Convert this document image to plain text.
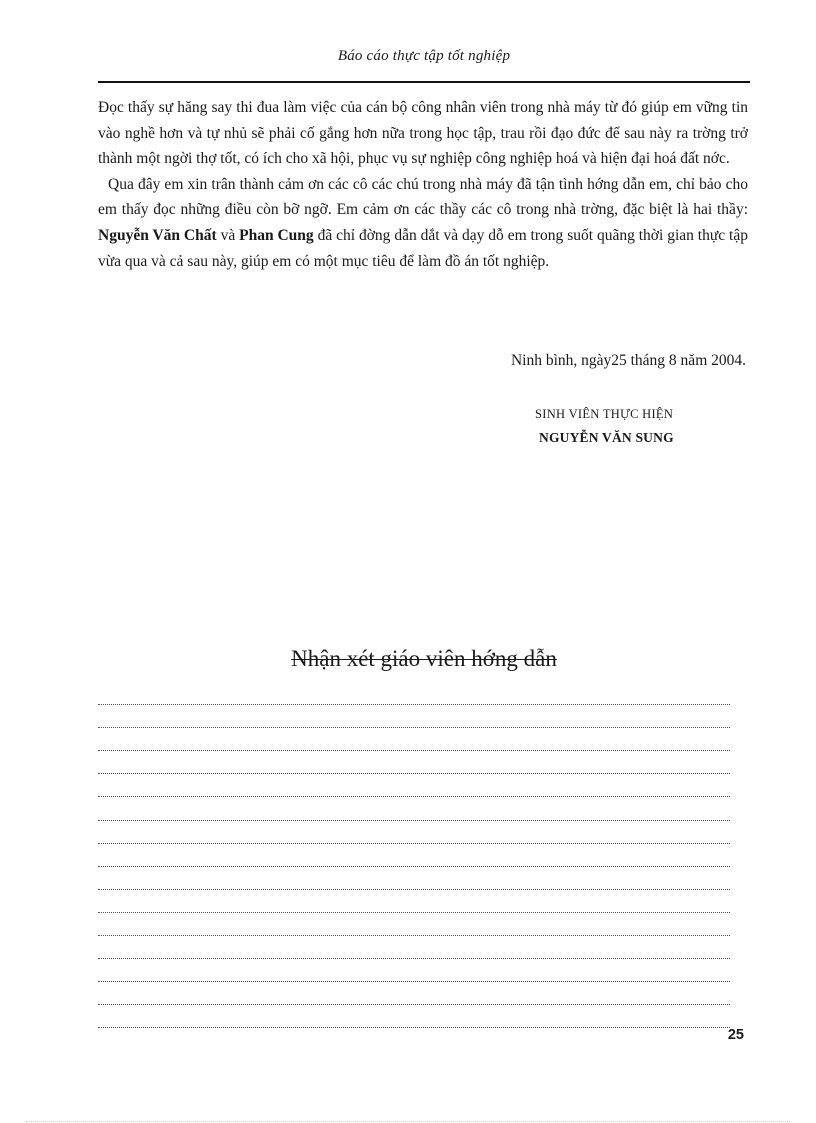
Báo cáo thực tập tốt nghiệp

Đọc thấy sự hăng say thi đua làm việc của cán bộ công nhân viên trong nhà máy từ đó giúp em vững tin vào nghề hơn và tự nhủ sẽ phải cố gắng hơn nữa trong học tập, trau rồi đạo đức để sau này ra trờng trở thành một ngời thợ tốt, có ích cho xã hội, phục vụ sự nghiệp công nghiệp hoá và hiện đại hoá đất nớc.

Qua đây em xin trân thành cảm ơn các cô các chú trong nhà máy đã tận tình hớng dẫn em, chỉ bảo cho em thấy đọc những điều còn bỡ ngỡ. Em cảm ơn các thầy các cô trong nhà trờng, đặc biệt là hai thầy: Nguyễn Văn Chất và Phan Cung đã chỉ đờng dẫn dắt và dạy dỗ em trong suốt quãng thời gian thực tập vừa qua và cả sau này, giúp em có một mục tiêu để làm đồ án tốt nghiệp.

Ninh bình, ngày25 tháng 8 năm 2004.
SINH VIÊN THỰC HIỆN
NGUYỄN VĂN SUNG
Nhận xét giáo viên hớng dẫn
25
